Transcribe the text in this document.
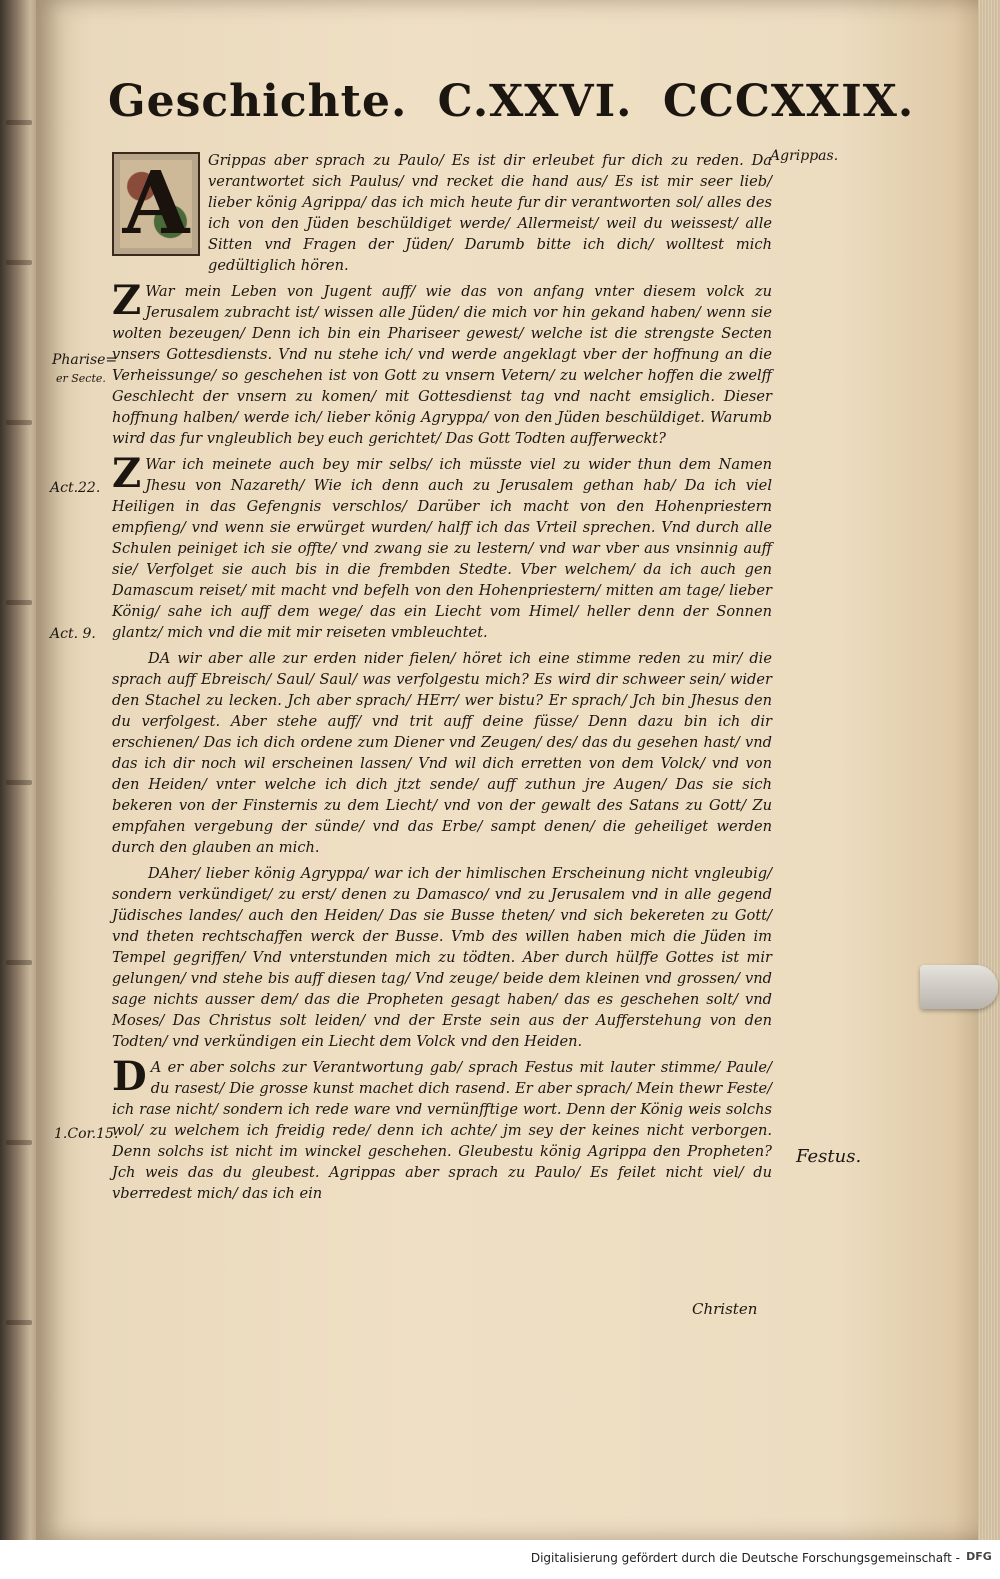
Geschichte. C.XXVI. CCCXXIX.

A	Grippas aber sprach zu Paulo/ Es ist dir erleubet fur dich zu reden. Da verantwortet sich Paulus/ vnd recket die hand aus/ Es ist mir seer lieb/ lieber könig Agrippa/ das ich mich heute fur dir verantworten sol/ alles des ich von den Jüden beschüldiget werde/ Allermeist/ weil du weissest/ alle Sitten vnd Fragen der Jüden/ Darumb bitte ich dich/ wolltest mich gedültiglich hören.

Z War mein Leben von Jugent auff/ wie das von anfang vnter diesem volck zu Jerusalem zubracht ist/ wissen alle Jüden/ die mich vor hin gekand haben/ wenn sie wolten bezeugen/ Denn ich bin ein Phariseer gewest/ welche ist die strengste Secten vnsers Gottesdiensts. Vnd nu stehe ich/ vnd werde angeklagt vber der hoffnung an die Verheissunge/ so geschehen ist von Gott zu vnsern Vetern/ zu welcher hoffen die zwelff Geschlecht der vnsern zu komen/ mit Gottesdienst tag vnd nacht emsiglich. Dieser hoffnung halben/ werde ich/ lieber könig Agryppa/ von den Jüden beschüldiget. Warumb wird das fur vngleublich bey euch gerichtet/ Das Gott Todten aufferweckt?

Z War ich meinete auch bey mir selbs/ ich müsste viel zu wider thun dem Namen Jhesu von Nazareth/ Wie ich denn auch zu Jerusalem gethan hab/ Da ich viel Heiligen in das Gefengnis verschlos/ Darüber ich macht von den Hohenpriestern empfieng/ vnd wenn sie erwürget wurden/ halff ich das Vrteil sprechen. Vnd durch alle Schulen peiniget ich sie offte/ vnd zwang sie zu lestern/ vnd war vber aus vnsinnig auff sie/ Verfolget sie auch bis in die frembden Stedte. Vber welchem/ da ich auch gen Damascum reiset/ mit macht vnd befelh von den Hohenpriestern/ mitten am tage/ lieber König/ sahe ich auff dem wege/ das ein Liecht vom Himel/ heller denn der Sonnen glantz/ mich vnd die mit mir reiseten vmbleuchtet.

DA wir aber alle zur erden nider fielen/ höret ich eine stimme reden zu mir/ die sprach auff Ebreisch/ Saul/ Saul/ was verfolgestu mich? Es wird dir schweer sein/ wider den Stachel zu lecken. Jch aber sprach/ HErr/ wer bistu? Er sprach/ Jch bin Jhesus den du verfolgest. Aber stehe auff/ vnd trit auff deine füsse/ Denn dazu bin ich dir erschienen/ Das ich dich ordene zum Diener vnd Zeugen/ des/ das du gesehen hast/ vnd das ich dir noch wil erscheinen lassen/ Vnd wil dich erretten von dem Volck/ vnd von den Heiden/ vnter welche ich dich jtzt sende/ auff zuthun jre Augen/ Das sie sich bekeren von der Finsternis zu dem Liecht/ vnd von der gewalt des Satans zu Gott/ Zu empfahen vergebung der sünde/ vnd das Erbe/ sampt denen/ die geheiliget werden durch den glauben an mich.

DAher/ lieber könig Agryppa/ war ich der himlischen Erscheinung nicht vngleubig/ sondern verkündiget/ zu erst/ denen zu Damasco/ vnd zu Jerusalem vnd in alle gegend Jüdisches landes/ auch den Heiden/ Das sie Busse theten/ vnd sich bekereten zu Gott/ vnd theten rechtschaffen werck der Busse. Vmb des willen haben mich die Jüden im Tempel gegriffen/ Vnd vnterstunden mich zu tödten. Aber durch hülffe Gottes ist mir gelungen/ vnd stehe bis auff diesen tag/ Vnd zeuge/ beide dem kleinen vnd grossen/ vnd sage nichts ausser dem/ das die Propheten gesagt haben/ das es geschehen solt/ vnd Moses/ Das Christus solt leiden/ vnd der Erste sein aus der Aufferstehung von den Todten/ vnd verkündigen ein Liecht dem Volck vnd den Heiden.

D A er aber solchs zur Verantwortung gab/ sprach Festus mit lauter stimme/ Paule/ du rasest/ Die grosse kunst machet dich rasend. Er aber sprach/ Mein thewr Feste/ ich rase nicht/ sondern ich rede ware vnd vernünfftige wort. Denn der König weis solchs wol/ zu welchem ich freidig rede/ denn ich achte/ jm sey der keines nicht verborgen. Denn solchs ist nicht im winckel geschehen. Gleubestu könig Agrippa den Propheten? Jch weis das du gleubest. Agrippas aber sprach zu Paulo/ Es feilet nicht viel/ du vberredest mich/ das ich ein

Agrippas.
Pharise=
er Secte.
Act.22.
Act. 9.
1.Cor.15.
Festus.
Christen
Digitalisierung gefördert durch die Deutsche Forschungsgemeinschaft - DFG
